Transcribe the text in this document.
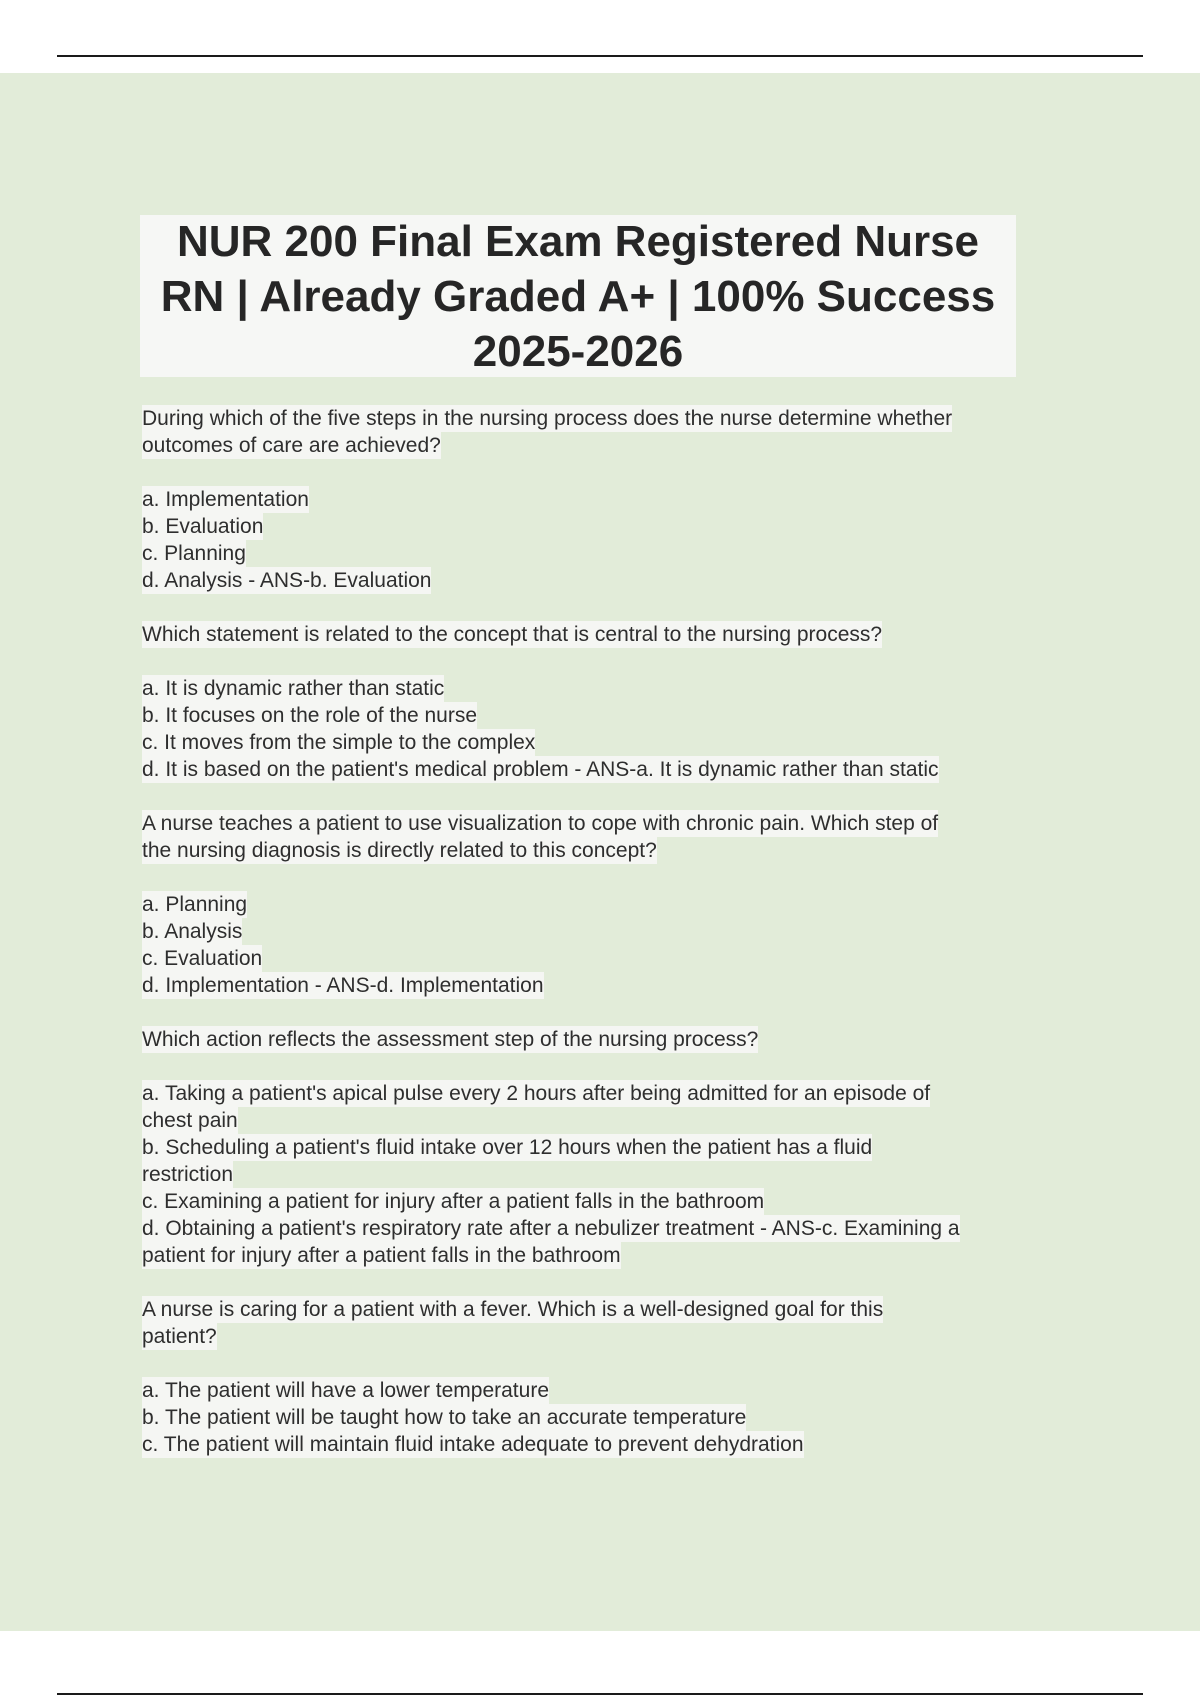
NUR 200 Final Exam Registered Nurse RN | Already Graded A+ | 100% Success 2025-2026
During which of the five steps in the nursing process does the nurse determine whether
outcomes of care are achieved?
a. Implementation
b. Evaluation
c. Planning
d. Analysis - ANS-b. Evaluation
Which statement is related to the concept that is central to the nursing process?
a. It is dynamic rather than static
b. It focuses on the role of the nurse
c. It moves from the simple to the complex
d. It is based on the patient's medical problem - ANS-a. It is dynamic rather than static
A nurse teaches a patient to use visualization to cope with chronic pain. Which step of
the nursing diagnosis is directly related to this concept?
a. Planning
b. Analysis
c. Evaluation
d. Implementation - ANS-d. Implementation
Which action reflects the assessment step of the nursing process?
a. Taking a patient's apical pulse every 2 hours after being admitted for an episode of
chest pain
b. Scheduling a patient's fluid intake over 12 hours when the patient has a fluid
restriction
c. Examining a patient for injury after a patient falls in the bathroom
d. Obtaining a patient's respiratory rate after a nebulizer treatment - ANS-c. Examining a
patient for injury after a patient falls in the bathroom
A nurse is caring for a patient with a fever. Which is a well-designed goal for this
patient?
a. The patient will have a lower temperature
b. The patient will be taught how to take an accurate temperature
c. The patient will maintain fluid intake adequate to prevent dehydration
